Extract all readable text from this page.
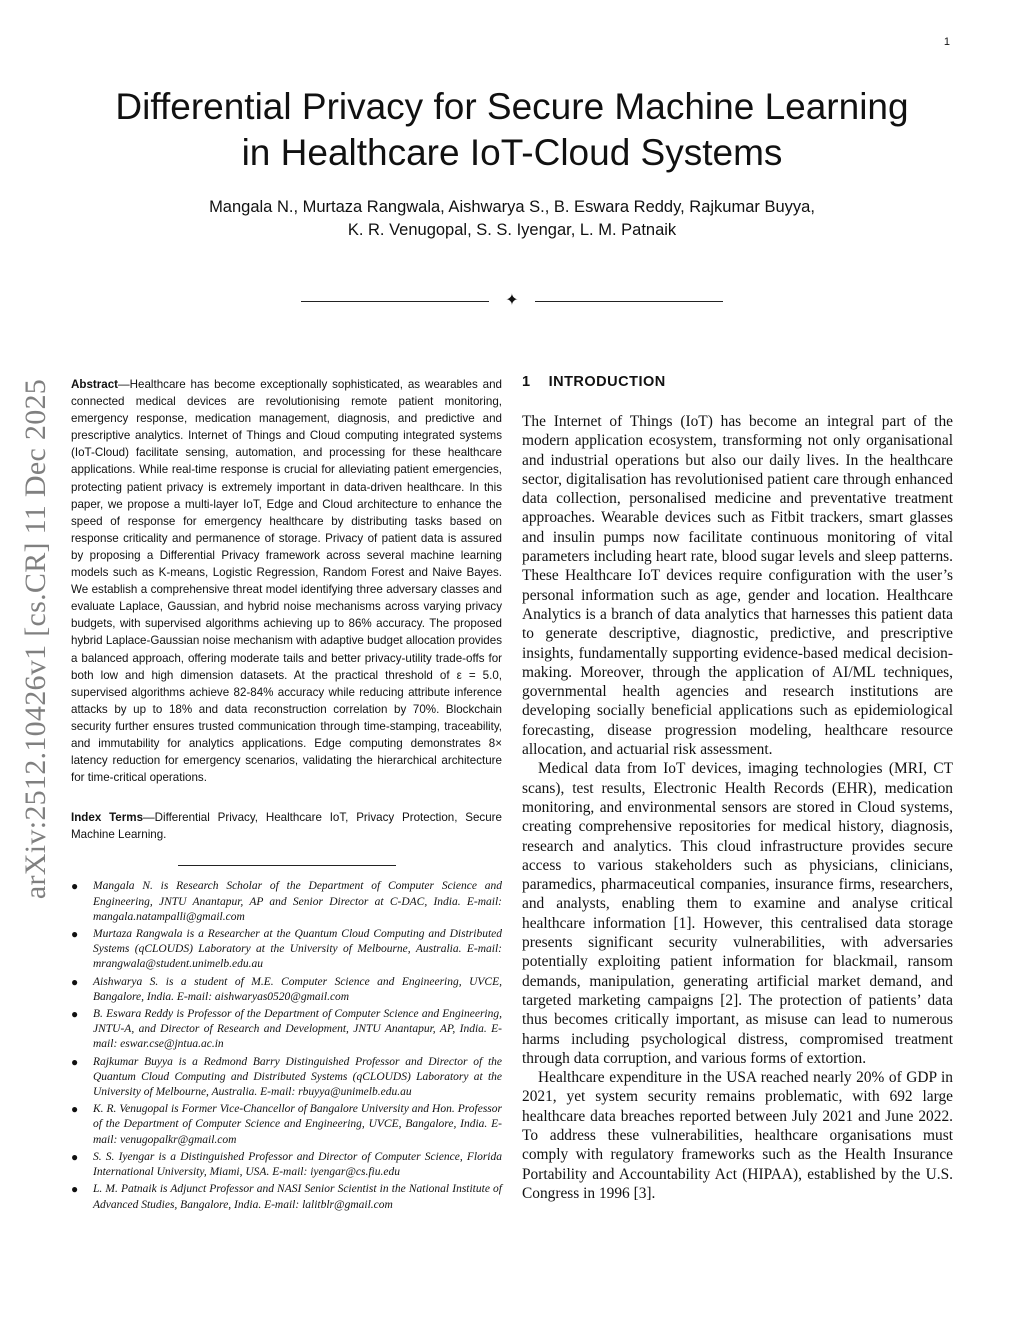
1
Differential Privacy for Secure Machine Learning
in Healthcare IoT-Cloud Systems
Mangala N., Murtaza Rangwala, Aishwarya S., B. Eswara Reddy, Rajkumar Buyya,
K. R. Venugopal, S. S. Iyengar, L. M. Patnaik
✦
arXiv:2512.10426v1 [cs.CR] 11 Dec 2025	Abstract—Healthcare has become exceptionally sophisticated, as wearables and connected medical devices are revolutionising remote patient monitoring, emergency response, medication management, diagnosis, and predictive and prescriptive analytics. Internet of Things and Cloud computing integrated systems (IoT-Cloud) facilitate sensing, automation, and processing for these healthcare applications. While real-time response is crucial for alleviating patient emergencies, protecting patient privacy is extremely important in data-driven healthcare. In this paper, we propose a multi-layer IoT, Edge and Cloud architecture to enhance the speed of response for emergency healthcare by distributing tasks based on response criticality and permanence of storage. Privacy of patient data is assured by proposing a Differential Privacy framework across several machine learning models such as K-means, Logistic Regression, Random Forest and Naive Bayes. We establish a comprehensive threat model identifying three adversary classes and evaluate Laplace, Gaussian, and hybrid noise mechanisms across varying privacy budgets, with supervised algorithms achieving up to 86% accuracy. The proposed hybrid Laplace-Gaussian noise mechanism with adaptive budget allocation provides a balanced approach, offering moderate tails and better privacy-utility trade-offs for both low and high dimension datasets. At the practical threshold of ε = 5.0, supervised algorithms achieve 82-84% accuracy while reducing attribute inference attacks by up to 18% and data reconstruction correlation by 70%. Blockchain security further ensures trusted communication through time-stamping, traceability, and immutability for analytics applications. Edge computing demonstrates 8× latency reduction for emergency scenarios, validating the hierarchical architecture for time-critical operations.

Index Terms—Differential Privacy, Healthcare IoT, Privacy Protection, Secure Machine Learning.

● Mangala N. is Research Scholar of the Department of Computer Science and Engineering, JNTU Anantapur, AP and Senior Director at C-DAC, India. E-mail: mangala.natampalli@gmail.com
● Murtaza Rangwala is a Researcher at the Quantum Cloud Computing and Distributed Systems (qCLOUDS) Laboratory at the University of Melbourne, Australia. E-mail: mrangwala@student.unimelb.edu.au
● Aishwarya S. is a student of M.E. Computer Science and Engineering, UVCE, Bangalore, India. E-mail: aishwaryas0520@gmail.com
● B. Eswara Reddy is Professor of the Department of Computer Science and Engineering, JNTU-A, and Director of Research and Development, JNTU Anantapur, AP, India. E-mail: eswar.cse@jntua.ac.in
● Rajkumar Buyya is a Redmond Barry Distinguished Professor and Director of the Quantum Cloud Computing and Distributed Systems (qCLOUDS) Laboratory at the University of Melbourne, Australia. E-mail: rbuyya@unimelb.edu.au
● K. R. Venugopal is Former Vice-Chancellor of Bangalore University and Hon. Professor of the Department of Computer Science and Engineering, UVCE, Bangalore, India. E-mail: venugopalkr@gmail.com
● S. S. Iyengar is a Distinguished Professor and Director of Computer Science, Florida International University, Miami, USA. E-mail: iyengar@cs.fiu.edu
● L. M. Patnaik is Adjunct Professor and NASI Senior Scientist in the National Institute of Advanced Studies, Bangalore, India. E-mail: lalitblr@gmail.com
1 INTRODUCTION

The Internet of Things (IoT) has become an integral part of the modern application ecosystem, transforming not only organisational and industrial operations but also our daily lives. In the healthcare sector, digitalisation has revolutionised patient care through enhanced data collection, personalised medicine and preventative treatment approaches. Wearable devices such as Fitbit trackers, smart glasses and insulin pumps now facilitate continuous monitoring of vital parameters including heart rate, blood sugar levels and sleep patterns. These Healthcare IoT devices require configuration with the user’s personal information such as age, gender and location. Healthcare Analytics is a branch of data analytics that harnesses this patient data to generate descriptive, diagnostic, predictive, and prescriptive insights, fundamentally supporting evidence-based medical decision-making. Moreover, through the application of AI/ML techniques, governmental health agencies and research institutions are developing socially beneficial applications such as epidemiological forecasting, disease progression modeling, healthcare resource allocation, and actuarial risk assessment.

Medical data from IoT devices, imaging technologies (MRI, CT scans), test results, Electronic Health Records (EHR), medication monitoring, and environmental sensors are stored in Cloud systems, creating comprehensive repositories for medical history, diagnosis, research and analytics. This cloud infrastructure provides secure access to various stakeholders such as physicians, clinicians, paramedics, pharmaceutical companies, insurance firms, researchers, and analysts, enabling them to examine and analyse critical healthcare information [1]. However, this centralised data storage presents significant security vulnerabilities, with adversaries potentially exploiting patient information for blackmail, ransom demands, manipulation, generating artificial market demand, and targeted marketing campaigns [2]. The protection of patients’ data thus becomes critically important, as misuse can lead to numerous harms including psychological distress, compromised treatment through data corruption, and various forms of extortion.

Healthcare expenditure in the USA reached nearly 20% of GDP in 2021, yet system security remains problematic, with 692 large healthcare data breaches reported between July 2021 and June 2022. To address these vulnerabilities, healthcare organisations must comply with regulatory frameworks such as the Health Insurance Portability and Accountability Act (HIPAA), established by the U.S. Congress in 1996 [3].
